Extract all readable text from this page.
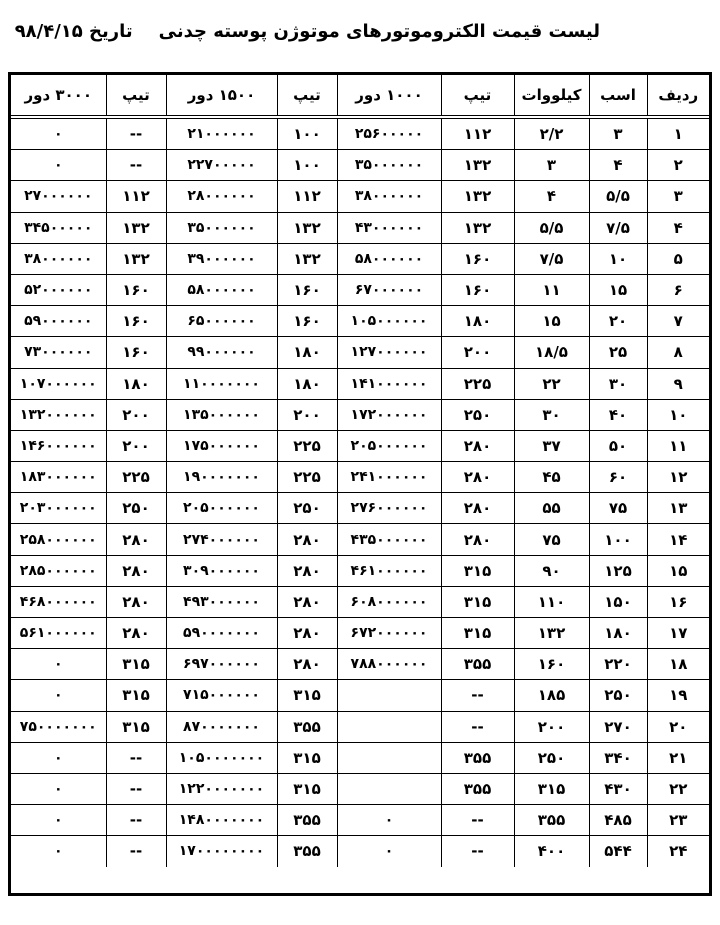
لیست قیمت الکتروموتورهای موتوژن پوسته چدنیتاریخ ۹۸/۴/۱۵
ردیف	اسب	کیلووات	تیپ	۱۰۰۰ دور	تیپ	۱۵۰۰ دور	تیپ	۳۰۰۰ دور
۱	۳	۲/۲	۱۱۲	۲۵۶۰۰۰۰۰	۱۰۰	۲۱۰۰۰۰۰۰	--	۰
۲	۴	۳	۱۳۲	۳۵۰۰۰۰۰۰	۱۰۰	۲۲۷۰۰۰۰۰	--	۰
۳	۵/۵	۴	۱۳۲	۳۸۰۰۰۰۰۰	۱۱۲	۲۸۰۰۰۰۰۰	۱۱۲	۲۷۰۰۰۰۰۰
۴	۷/۵	۵/۵	۱۳۲	۴۳۰۰۰۰۰۰	۱۳۲	۳۵۰۰۰۰۰۰	۱۳۲	۳۴۵۰۰۰۰۰
۵	۱۰	۷/۵	۱۶۰	۵۸۰۰۰۰۰۰	۱۳۲	۳۹۰۰۰۰۰۰	۱۳۲	۳۸۰۰۰۰۰۰
۶	۱۵	۱۱	۱۶۰	۶۷۰۰۰۰۰۰	۱۶۰	۵۸۰۰۰۰۰۰	۱۶۰	۵۲۰۰۰۰۰۰
۷	۲۰	۱۵	۱۸۰	۱۰۵۰۰۰۰۰۰	۱۶۰	۶۵۰۰۰۰۰۰	۱۶۰	۵۹۰۰۰۰۰۰
۸	۲۵	۱۸/۵	۲۰۰	۱۲۷۰۰۰۰۰۰	۱۸۰	۹۹۰۰۰۰۰۰	۱۶۰	۷۳۰۰۰۰۰۰
۹	۳۰	۲۲	۲۲۵	۱۴۱۰۰۰۰۰۰	۱۸۰	۱۱۰۰۰۰۰۰۰	۱۸۰	۱۰۷۰۰۰۰۰۰
۱۰	۴۰	۳۰	۲۵۰	۱۷۲۰۰۰۰۰۰	۲۰۰	۱۳۵۰۰۰۰۰۰	۲۰۰	۱۳۲۰۰۰۰۰۰
۱۱	۵۰	۳۷	۲۸۰	۲۰۵۰۰۰۰۰۰	۲۲۵	۱۷۵۰۰۰۰۰۰	۲۰۰	۱۴۶۰۰۰۰۰۰
۱۲	۶۰	۴۵	۲۸۰	۲۴۱۰۰۰۰۰۰	۲۲۵	۱۹۰۰۰۰۰۰۰	۲۲۵	۱۸۳۰۰۰۰۰۰
۱۳	۷۵	۵۵	۲۸۰	۲۷۶۰۰۰۰۰۰	۲۵۰	۲۰۵۰۰۰۰۰۰	۲۵۰	۲۰۳۰۰۰۰۰۰
۱۴	۱۰۰	۷۵	۲۸۰	۴۳۵۰۰۰۰۰۰	۲۸۰	۲۷۴۰۰۰۰۰۰	۲۸۰	۲۵۸۰۰۰۰۰۰
۱۵	۱۲۵	۹۰	۳۱۵	۴۶۱۰۰۰۰۰۰	۲۸۰	۳۰۹۰۰۰۰۰۰	۲۸۰	۲۸۵۰۰۰۰۰۰
۱۶	۱۵۰	۱۱۰	۳۱۵	۶۰۸۰۰۰۰۰۰	۲۸۰	۴۹۳۰۰۰۰۰۰	۲۸۰	۴۶۸۰۰۰۰۰۰
۱۷	۱۸۰	۱۳۲	۳۱۵	۶۷۲۰۰۰۰۰۰	۲۸۰	۵۹۰۰۰۰۰۰۰	۲۸۰	۵۶۱۰۰۰۰۰۰
۱۸	۲۲۰	۱۶۰	۳۵۵	۷۸۸۰۰۰۰۰۰	۲۸۰	۶۹۷۰۰۰۰۰۰	۳۱۵	۰
۱۹	۲۵۰	۱۸۵	--		۳۱۵	۷۱۵۰۰۰۰۰۰	۳۱۵	۰
۲۰	۲۷۰	۲۰۰	--		۳۵۵	۸۷۰۰۰۰۰۰۰	۳۱۵	۷۵۰۰۰۰۰۰۰
۲۱	۳۴۰	۲۵۰	۳۵۵		۳۱۵	۱۰۵۰۰۰۰۰۰۰	--	۰
۲۲	۴۳۰	۳۱۵	۳۵۵		۳۱۵	۱۲۲۰۰۰۰۰۰۰	--	۰
۲۳	۴۸۵	۳۵۵	--	۰	۳۵۵	۱۴۸۰۰۰۰۰۰۰	--	۰
۲۴	۵۴۴	۴۰۰	--	۰	۳۵۵	۱۷۰۰۰۰۰۰۰۰	--	۰
